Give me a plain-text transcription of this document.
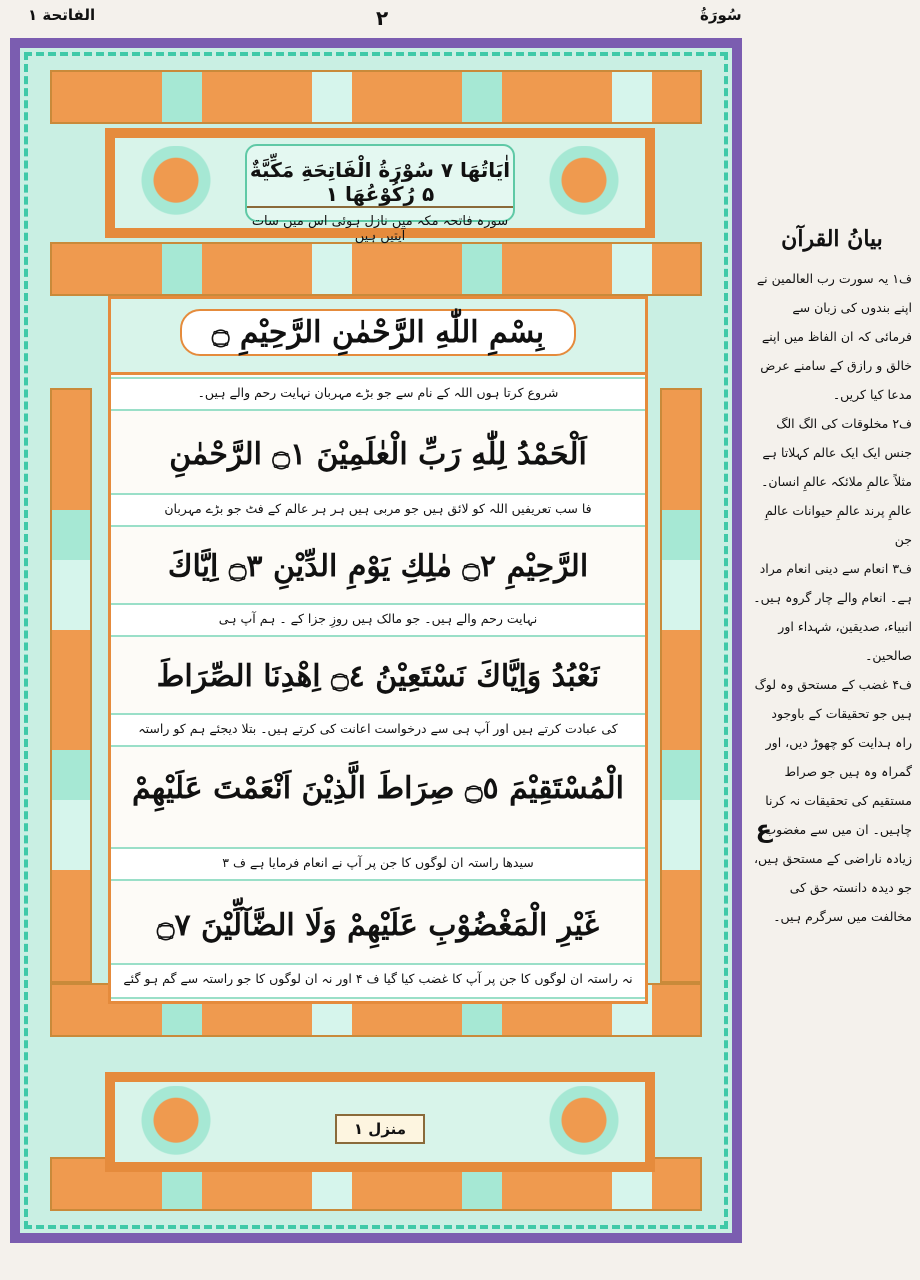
الفاتحة ١	۲	سُورَةُ
اٰیَاتُهَا ۷ سُوْرَةُ الْفَاتِحَةِ مَكِّيَّةٌ ۵ رُكُوْعُهَا ۱
سورہ فاتحہ مکہ میں نازل ہوئی اس میں سات آیتیں ہیں
بِسْمِ اللّٰهِ الرَّحْمٰنِ الرَّحِيْمِ ۝
شروع کرتا ہوں اللہ کے نام سے جو بڑے مہربان نہایت رحم والے ہیں۔
اَلْحَمْدُ لِلّٰهِ رَبِّ الْعٰلَمِيْنَ ۝١ الرَّحْمٰنِ
فا سب تعریفیں اللہ کو لائق ہیں جو مربی ہیں ہر ہر عالم کے فٹ جو بڑے مہربان
الرَّحِيْمِ ۝٢ مٰلِكِ يَوْمِ الدِّيْنِ ۝٣ اِيَّاكَ
نہایت رحم والے ہیں۔ جو مالک ہیں روزِ جزا کے ۔ ہم آپ ہی
نَعْبُدُ وَاِيَّاكَ نَسْتَعِيْنُ ۝٤ اِهْدِنَا الصِّرَاطَ
کی عبادت کرتے ہیں اور آپ ہی سے درخواست اعانت کی کرتے ہیں۔ بتلا دیجئے ہم کو راستہ
الْمُسْتَقِيْمَ ۝٥ صِرَاطَ الَّذِيْنَ اَنْعَمْتَ عَلَيْهِمْ
سیدھا راستہ ان لوگوں کا جن پر آپ نے انعام فرمایا ہے ف ٣
غَيْرِ الْمَغْضُوْبِ عَلَيْهِمْ وَلَا الضَّآلِّيْنَ ۝٧
نہ راستہ ان لوگوں کا جن پر آپ کا غضب کیا گیا ف ۴ اور نہ ان لوگوں کا جو راستہ سے گم ہو گئے
منزل ۱
بیانُ القرآن

ف۱ یہ سورت رب العالمین نے اپنے بندوں کی زبان سے فرمائی کہ ان الفاظ میں اپنے خالق و رازق کے سامنے عرض مدعا کیا کریں۔

ف۲ مخلوقات کی الگ الگ جنس ایک ایک عالم کہلاتا ہے مثلاً عالمِ ملائکہ عالمِ انسان۔ عالمِ پرند عالمِ حیوانات عالمِ جن

ف۳ انعام سے دینی انعام مراد ہے۔ انعام والے چار گروہ ہیں۔ انبیاء، صدیقین، شہداء اور صالحین۔

ف۴ غضب کے مستحق وہ لوگ ہیں جو تحقیقات کے باوجود راہ ہدایت کو چھوڑ دیں، اور گمراہ وہ ہیں جو صراط مستقیم کی تحقیقات نہ کرنا چاہیں۔ ان میں سے مغضوب زیادہ ناراضی کے مستحق ہیں، جو دیدہ دانستہ حق کی مخالفت میں سرگرم ہیں۔

ع
